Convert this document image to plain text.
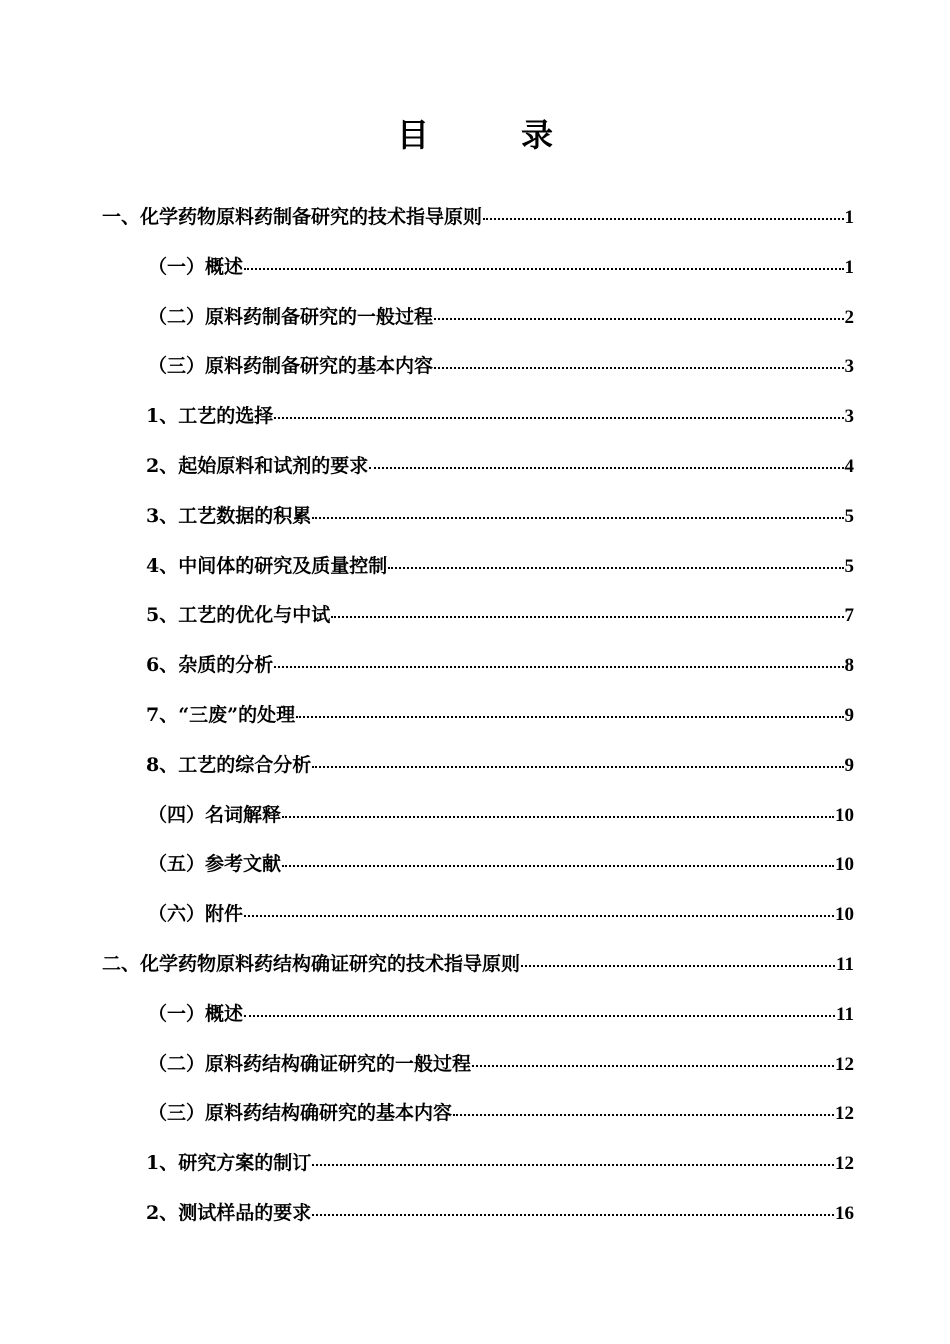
目	录
一、化学药物原料药制备研究的技术指导原则	1
（一）概述	1
（二）原料药制备研究的一般过程	2
（三）原料药制备研究的基本内容	3
1、工艺的选择	3
2、起始原料和试剂的要求	4
3、工艺数据的积累	5
4、中间体的研究及质量控制	5
5、工艺的优化与中试	7
6、杂质的分析	8
7、“三废”的处理	9
8、工艺的综合分析	9
（四）名词解释	10
（五）参考文献	10
（六）附件	10
二、化学药物原料药结构确证研究的技术指导原则	11
（一）概述	11
（二）原料药结构确证研究的一般过程	12
（三）原料药结构确研究的基本内容	12
1、研究方案的制订	12
2、测试样品的要求	16
